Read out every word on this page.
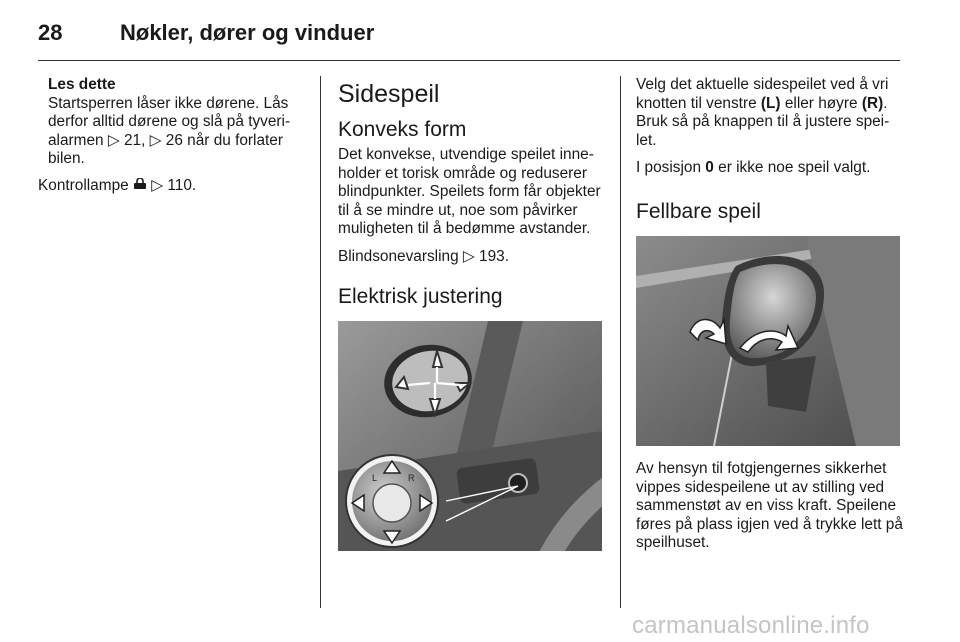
28	Nøkler, dører og vinduer
Les dette
Startsperren låser ikke dørene. Lås derfor alltid dørene og slå på tyverialarmen ▷ 21, ▷ 26 når du forlater bilen.

Kontrollampe ▷ 110.

Sidespeil
Konveks form

Det konvekse, utvendige speilet inneholder et torisk område og reduserer blindpunkter. Speilets form får objekter til å se mindre ut, noe som påvirker muligheten til å bedømme avstander.

Blindsonevarsling ▷ 193.

Elektrisk justering
L	R

Velg det aktuelle sidespeilet ved å vri knotten til venstre (L) eller høyre (R). Bruk så på knappen til å justere speilet.

I posisjon 0 er ikke noe speil valgt.

Fellbare speil

Av hensyn til fotgjengernes sikkerhet vippes sidespeilene ut av stilling ved sammenstøt av en viss kraft. Speilene føres på plass igjen ved å trykke lett på speilhuset.

carmanualsonline.info
